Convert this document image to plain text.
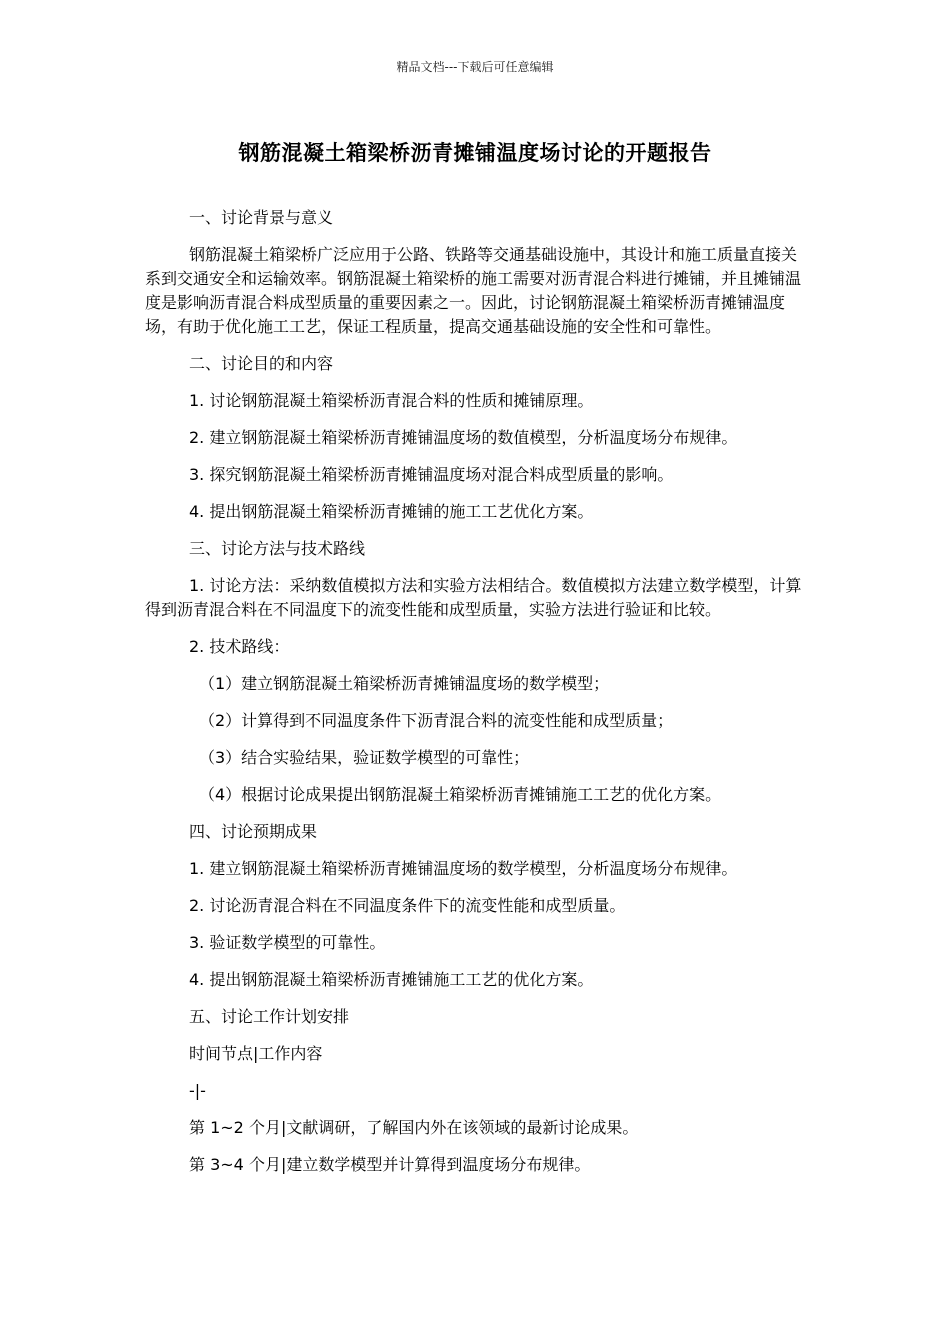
精品文档---下载后可任意编辑
钢筋混凝土箱梁桥沥青摊铺温度场讨论的开题报告

一、讨论背景与意义

钢筋混凝土箱梁桥广泛应用于公路、铁路等交通基础设施中，其设计和施工质量直接关系到交通安全和运输效率。钢筋混凝土箱梁桥的施工需要对沥青混合料进行摊铺，并且摊铺温度是影响沥青混合料成型质量的重要因素之一。因此，讨论钢筋混凝土箱梁桥沥青摊铺温度场，有助于优化施工工艺，保证工程质量，提高交通基础设施的安全性和可靠性。

二、讨论目的和内容

1. 讨论钢筋混凝土箱梁桥沥青混合料的性质和摊铺原理。

2. 建立钢筋混凝土箱梁桥沥青摊铺温度场的数值模型，分析温度场分布规律。

3. 探究钢筋混凝土箱梁桥沥青摊铺温度场对混合料成型质量的影响。

4. 提出钢筋混凝土箱梁桥沥青摊铺的施工工艺优化方案。

三、讨论方法与技术路线

1. 讨论方法：采纳数值模拟方法和实验方法相结合。数值模拟方法建立数学模型，计算得到沥青混合料在不同温度下的流变性能和成型质量，实验方法进行验证和比较。

2. 技术路线：

（1）建立钢筋混凝土箱梁桥沥青摊铺温度场的数学模型；

（2）计算得到不同温度条件下沥青混合料的流变性能和成型质量；

（3）结合实验结果，验证数学模型的可靠性；

（4）根据讨论成果提出钢筋混凝土箱梁桥沥青摊铺施工工艺的优化方案。

四、讨论预期成果

1. 建立钢筋混凝土箱梁桥沥青摊铺温度场的数学模型，分析温度场分布规律。

2. 讨论沥青混合料在不同温度条件下的流变性能和成型质量。

3. 验证数学模型的可靠性。

4. 提出钢筋混凝土箱梁桥沥青摊铺施工工艺的优化方案。

五、讨论工作计划安排

时间节点|工作内容

-|-

第 1~2 个月|文献调研，了解国内外在该领域的最新讨论成果。

第 3~4 个月|建立数学模型并计算得到温度场分布规律。
